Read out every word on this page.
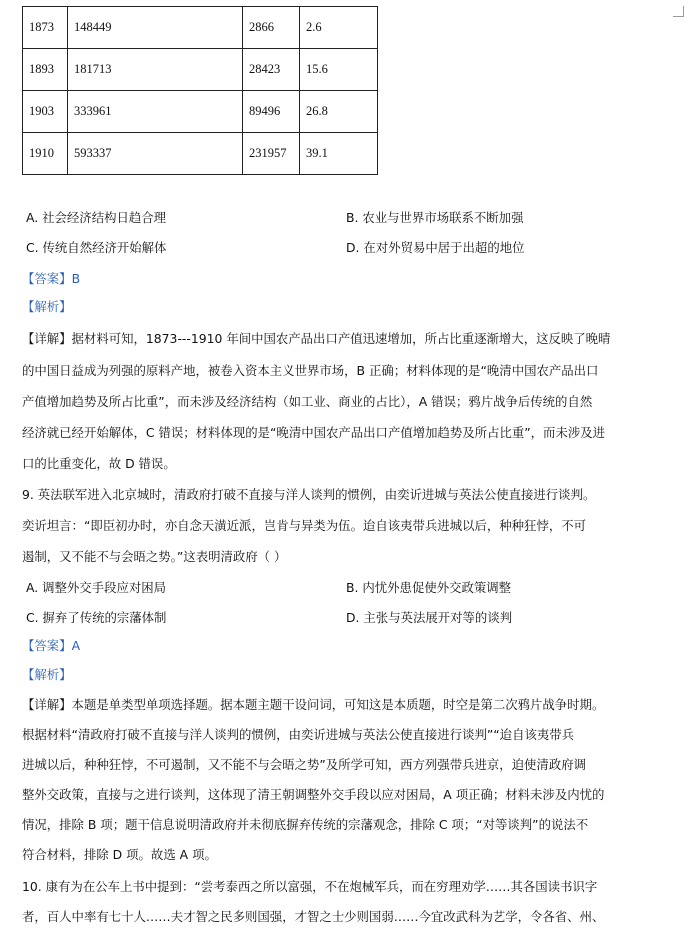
1873	148449	2866	2.6
1893	181713	28423	15.6
1903	333961	89496	26.8
1910	593337	231957	39.1
A. 社会经济结构日趋合理	B. 农业与世界市场联系不断加强
C. 传统自然经济开始解体	D. 在对外贸易中居于出超的地位
【答案】B
【解析】
【详解】据材料可知，1873---1910 年间中国农产品出口产值迅速增加，所占比重逐渐增大，这反映了晚晴
的中国日益成为列强的原料产地，被卷入资本主义世界市场，B 正确；材料体现的是“晚清中国农产品出口
产值增加趋势及所占比重”，而未涉及经济结构（如工业、商业的占比），A 错误；鸦片战争后传统的自然
经济就已经开始解体，C 错误；材料体现的是“晚清中国农产品出口产值增加趋势及所占比重”，而未涉及进
口的比重变化，故 D 错误。
9. 英法联军进入北京城时，清政府打破不直接与洋人谈判的惯例，由奕䜣进城与英法公使直接进行谈判。
奕䜣坦言：“即臣初办时，亦自念天潢近派，岂肯与异类为伍。迨自该夷带兵进城以后，种种狂悖，不可
遏制，又不能不与会晤之势。”这表明清政府（ ）
A. 调整外交手段应对困局	B. 内忧外患促使外交政策调整
C. 摒弃了传统的宗藩体制	D. 主张与英法展开对等的谈判
【答案】A
【解析】
【详解】本题是单类型单项选择题。据本题主题干设问词，可知这是本质题，时空是第二次鸦片战争时期。
根据材料“清政府打破不直接与洋人谈判的惯例，由奕䜣进城与英法公使直接进行谈判”“迨自该夷带兵
进城以后，种种狂悖，不可遏制，又不能不与会晤之势”及所学可知，西方列强带兵进京，迫使清政府调
整外交政策，直接与之进行谈判，这体现了清王朝调整外交手段以应对困局，A 项正确；材料未涉及内忧的
情况，排除 B 项；题干信息说明清政府并未彻底摒弃传统的宗藩观念，排除 C 项；“对等谈判”的说法不
符合材料，排除 D 项。故选 A 项。
10. 康有为在公车上书中提到：“尝考泰西之所以富强，不在炮械军兵，而在穷理劝学……其各国读书识字
者，百人中率有七十人……夫才智之民多则国强，才智之士少则国弱……今宜改武科为艺学，令各省、州、
